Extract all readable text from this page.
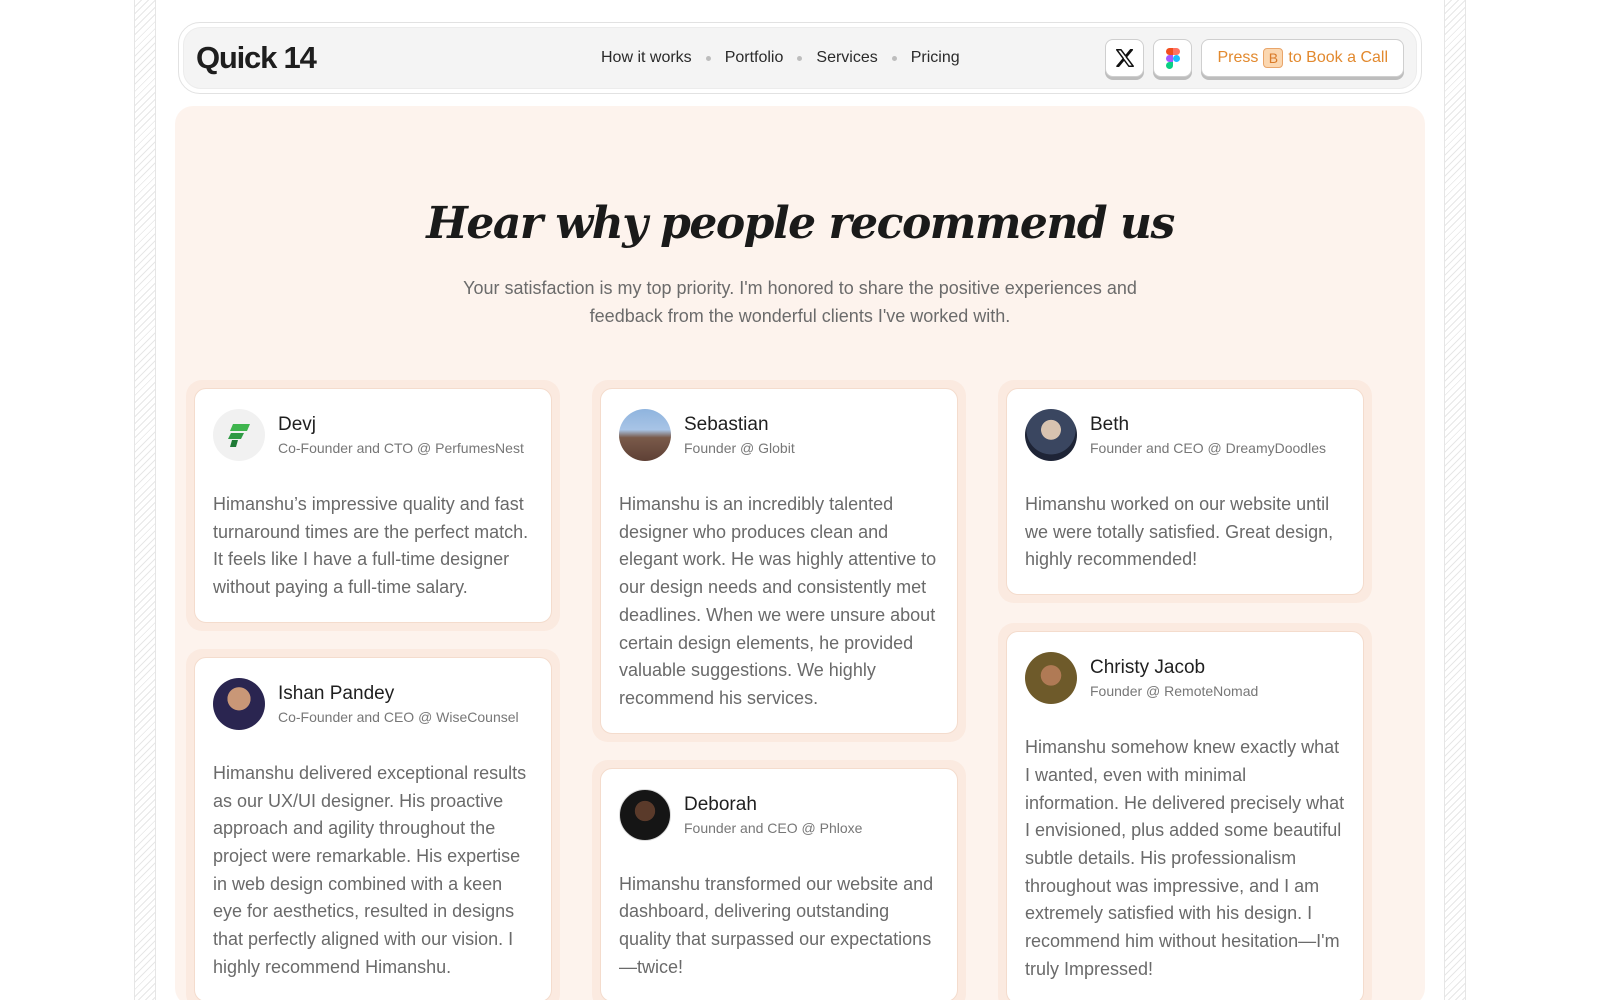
Quick 14	How it works Portfolio Services Pricing	Press B to Book a Call
Hear why people recommend us

Your satisfaction is my top priority. I'm honored to share the positive experiences and feedback from the wonderful clients I've worked with.

Devj
Co-Founder and CTO @ PerfumesNest

Himanshu’s impressive quality and fast turnaround times are the perfect match. It feels like I have a full-time designer without paying a full-time salary.

Ishan Pandey
Co-Founder and CEO @ WiseCounsel

Himanshu delivered exceptional results as our UX/UI designer. His proactive approach and agility throughout the project were remarkable. His expertise in web design combined with a keen eye for aesthetics, resulted in designs that perfectly aligned with our vision. I highly recommend Himanshu.

Sebastian
Founder @ Globit

Himanshu is an incredibly talented designer who produces clean and elegant work. He was highly attentive to our design needs and consistently met deadlines. When we were unsure about certain design elements, he provided valuable suggestions. We highly recommend his services.

Deborah
Founder and CEO @ Phloxe

Himanshu transformed our website and dashboard, delivering outstanding quality that surpassed our expectations—twice!

Beth
Founder and CEO @ DreamyDoodles

Himanshu worked on our website until we were totally satisfied. Great design, highly recommended!

Christy Jacob
Founder @ RemoteNomad

Himanshu somehow knew exactly what I wanted, even with minimal information. He delivered precisely what I envisioned, plus added some beautiful subtle details. His professionalism throughout was impressive, and I am extremely satisfied with his design. I recommend him without hesitation—I'm truly Impressed!
